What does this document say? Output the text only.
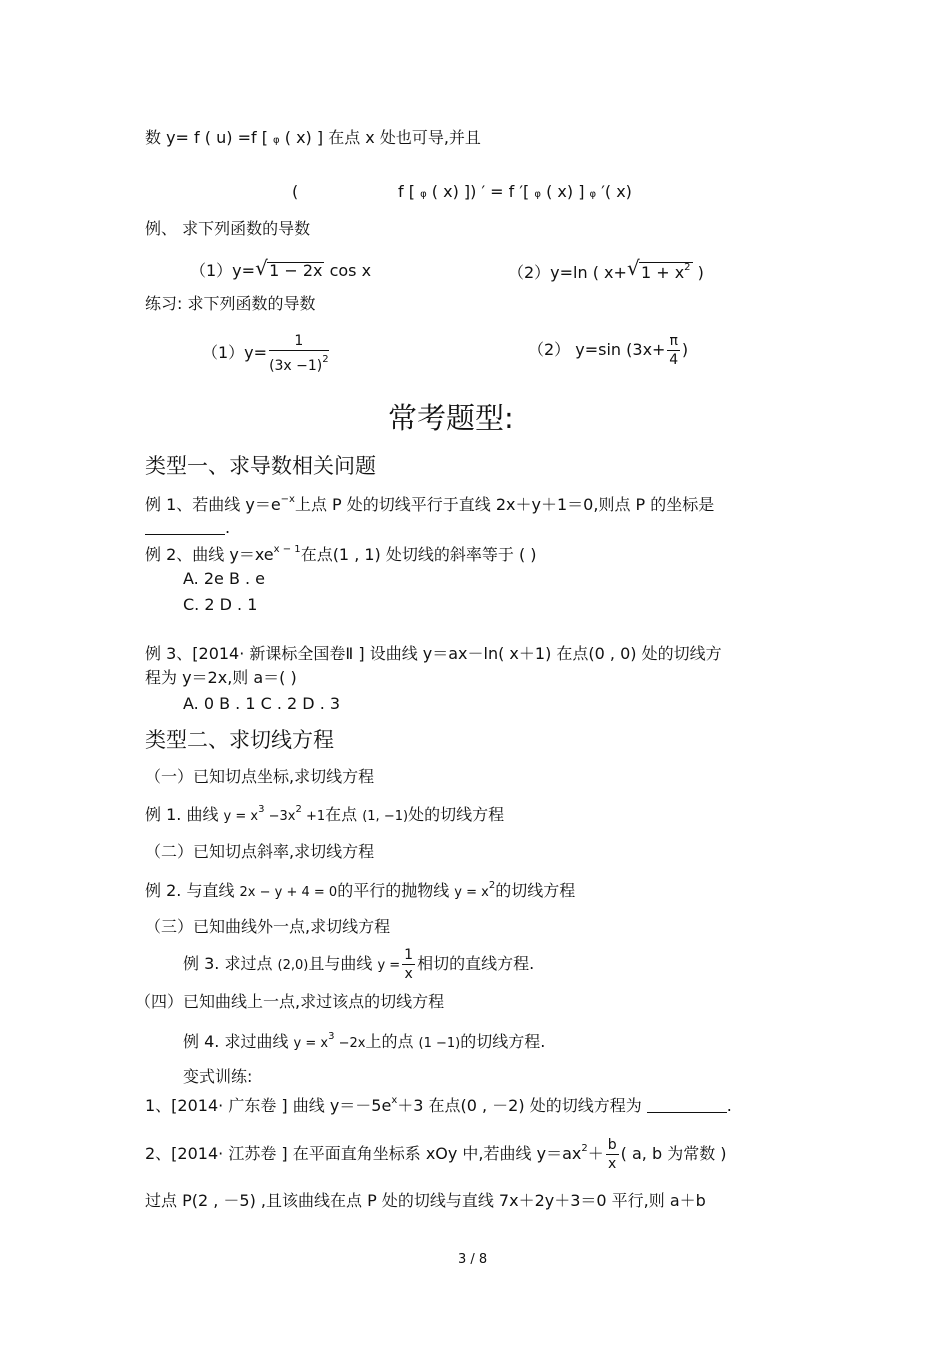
数 y= f ( u) =f [ φ ( x) ] 在点 x 处也可导,并且
(	f [ φ ( x) ]) ′ = f ′[ φ ( x) ] φ ′( x)
例、 求下列函数的导数
（1）y= √ 1 − 2x cos x	（2）y=ln ( x+ √ $1 + x^2$ )
练习: 求下列函数的导数
$(1)y= \frac{1}{(3x -1)^2}$	（2） y=sin ($3x+ \frac{\pi}{4}$ )
常考题型:
类型一、求导数相关问题
例 1、若曲线 $y=e^{-x}$上点 P 处的切线平行于直线 2x＋y＋1＝0,则点 P 的坐标是
.
例 2、曲线 $y=xe^{x - 1}$在点(1 , 1) 处切线的斜率等于 ( )
A. 2e B . e
C. 2 D . 1
例 3、[2014· 新课标全国卷Ⅱ ] 设曲线 y＝ax－ln( x＋1) 在点(0 , 0) 处的切线方
程为 y＝2x,则 a＝( )
A. 0 B . 1 C . 2 D . 3
类型二、求切线方程
（一）已知切点坐标,求切线方程
例 1. 曲线 $y = x^3 -3x^2 +1$在点 (1, −1)处的切线方程
（二）已知切点斜率,求切线方程
例 2. 与直线 2x − y + 4 = 0的平行的抛物线 $y = x^2$的切线方程
（三）已知曲线外一点,求切线方程
例 3. 求过点 (2,0)且与曲线 $y = \frac{1}{x}$ 相切的直线方程.
（四）已知曲线上一点,求过该点的切线方程
例 4. 求过曲线 $y = x^3 -2x$上的点 (1 −1)的切线方程.
变式训练:
1、[2014· 广东卷 ] 曲线 $y=-5e^x+3$ 在点(0 , －2) 处的切线方程为	.
2、[2014· 江苏卷 ] 在平面直角坐标系 xOy 中,若曲线 $y=ax^2+ \frac{b}{x}$ ( a, b 为常数 )
过点 P(2 , －5) ,且该曲线在点 P 处的切线与直线 7x＋2y＋3＝0 平行,则 a＋b
3 / 8
